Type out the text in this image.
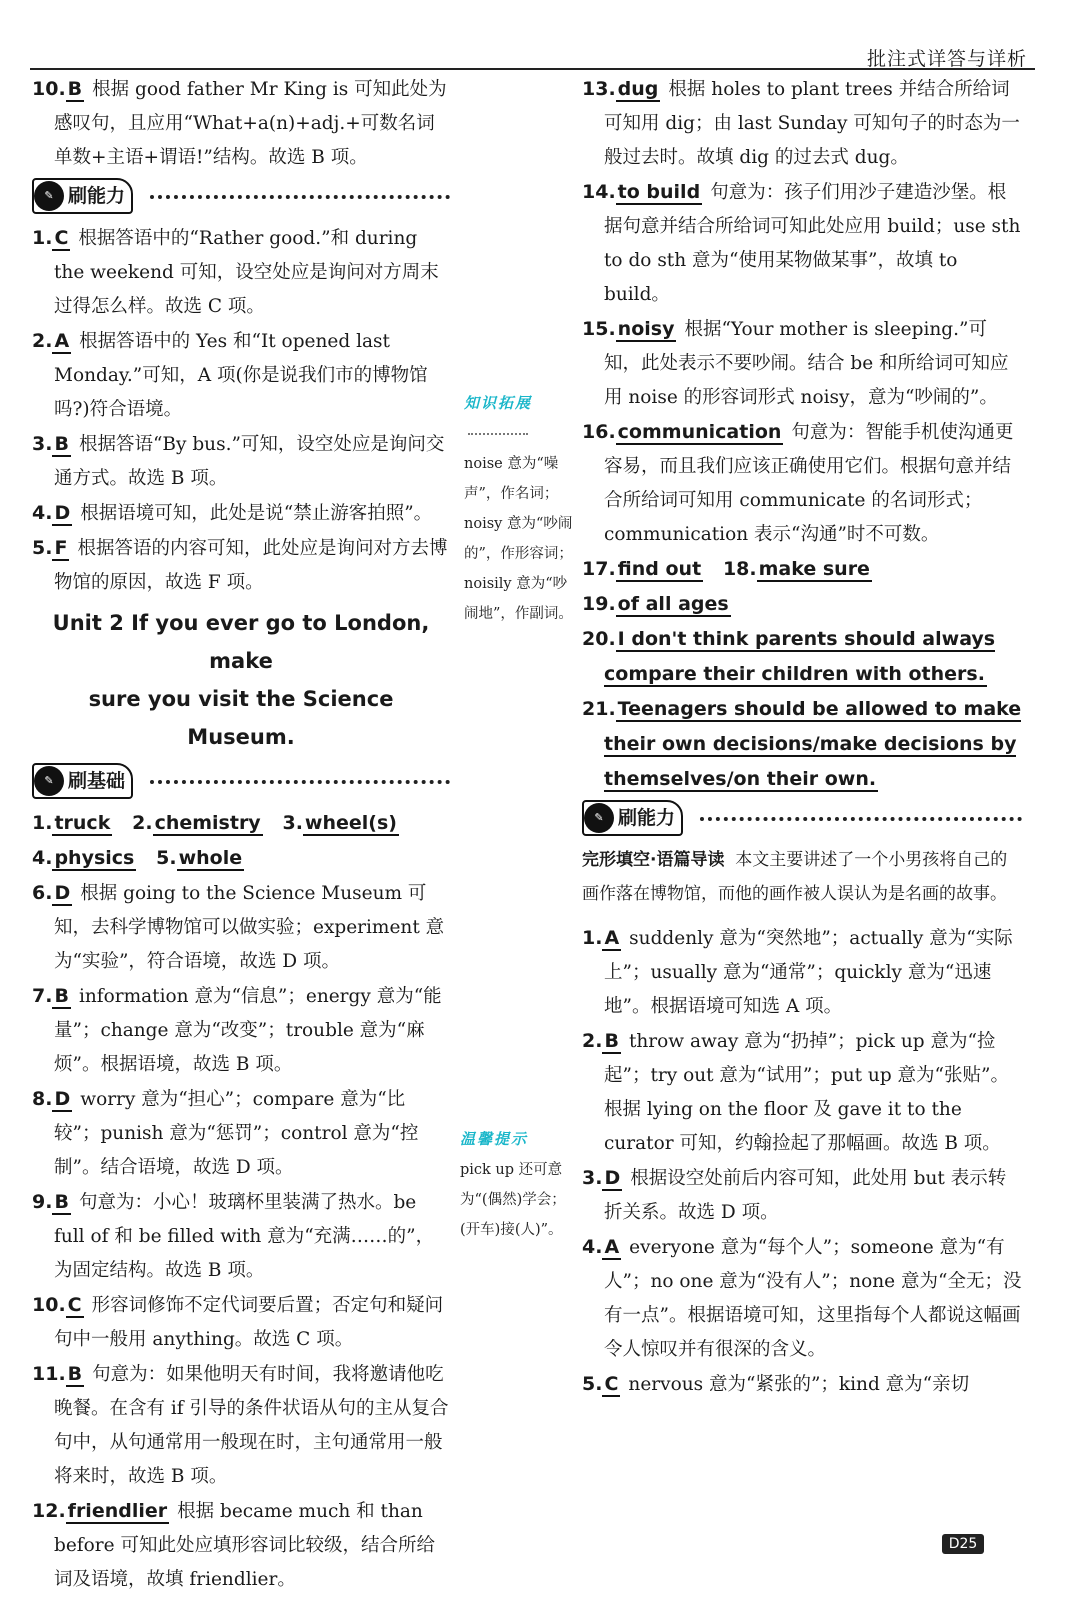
批注式详答与详析
10. B 根据 good father Mr King is 可知此处为感叹句，且应用“What+a(n)+adj.+可数名词单数+主语+谓语!”结构。故选 B 项。
✎ 刷能力
1. C 根据答语中的“Rather good.”和 during the weekend 可知，设空处应是询问对方周末过得怎么样。故选 C 项。
2. A 根据答语中的 Yes 和“It opened last Monday.”可知，A 项(你是说我们市的博物馆吗?)符合语境。
3. B 根据答语“By bus.”可知，设空处应是询问交通方式。故选 B 项。
4. D 根据语境可知，此处是说“禁止游客拍照”。
5. F 根据答语的内容可知，此处应是询问对方去博物馆的原因，故选 F 项。
Unit 2 If you ever go to London, make
sure you visit the Science Museum.
✎ 刷基础
1. truck 2. chemistry 3. wheel(s)
4. physics 5. whole
6. D 根据 going to the Science Museum 可知，去科学博物馆可以做实验；experiment 意为“实验”，符合语境，故选 D 项。
7. B information 意为“信息”；energy 意为“能量”；change 意为“改变”；trouble 意为“麻烦”。根据语境，故选 B 项。
8. D worry 意为“担心”；compare 意为“比较”；punish 意为“惩罚”；control 意为“控制”。结合语境，故选 D 项。
9. B 句意为：小心！玻璃杯里装满了热水。be full of 和 be filled with 意为“充满……的”，为固定结构。故选 B 项。
10. C 形容词修饰不定代词要后置；否定句和疑问句中一般用 anything。故选 C 项。
11. B 句意为：如果他明天有时间，我将邀请他吃晚餐。在含有 if 引导的条件状语从句的主从复合句中，从句通常用一般现在时，主句通常用一般将来时，故选 B 项。
12. friendlier 根据 became much 和 than before 可知此处应填形容词比较级，结合所给词及语境，故填 friendlier。
知识拓展
noise 意为“噪声”，作名词；noisy 意为“吵闹的”，作形容词；noisily 意为“吵闹地”，作副词。
温馨提示
pick up 还可意为“(偶然)学会；(开车)接(人)”。
13. dug 根据 holes to plant trees 并结合所给词可知用 dig；由 last Sunday 可知句子的时态为一般过去时。故填 dig 的过去式 dug。
14. to build 句意为：孩子们用沙子建造沙堡。根据句意并结合所给词可知此处应用 build；use sth to do sth 意为“使用某物做某事”，故填 to build。
15. noisy 根据“Your mother is sleeping.”可知，此处表示不要吵闹。结合 be 和所给词可知应用 noise 的形容词形式 noisy，意为“吵闹的”。
16. communication 句意为：智能手机使沟通更容易，而且我们应该正确使用它们。根据句意并结合所给词可知用 communicate 的名词形式；communication 表示“沟通”时不可数。
17. find out 18. make sure
19. of all ages
20. I don't think parents should always compare their children with others.
21. Teenagers should be allowed to make their own decisions/make decisions by themselves/on their own.
✎ 刷能力
完形填空·语篇导读 本文主要讲述了一个小男孩将自己的画作落在博物馆，而他的画作被人误认为是名画的故事。
1. A suddenly 意为“突然地”；actually 意为“实际上”；usually 意为“通常”；quickly 意为“迅速地”。根据语境可知选 A 项。
2. B throw away 意为“扔掉”；pick up 意为“捡起”；try out 意为“试用”；put up 意为“张贴”。根据 lying on the floor 及 gave it to the curator 可知，约翰捡起了那幅画。故选 B 项。
3. D 根据设空处前后内容可知，此处用 but 表示转折关系。故选 D 项。
4. A everyone 意为“每个人”；someone 意为“有人”；no one 意为“没有人”；none 意为“全无；没有一点”。根据语境可知，这里指每个人都说这幅画令人惊叹并有很深的含义。
5. C nervous 意为“紧张的”；kind 意为“亲切
D25
